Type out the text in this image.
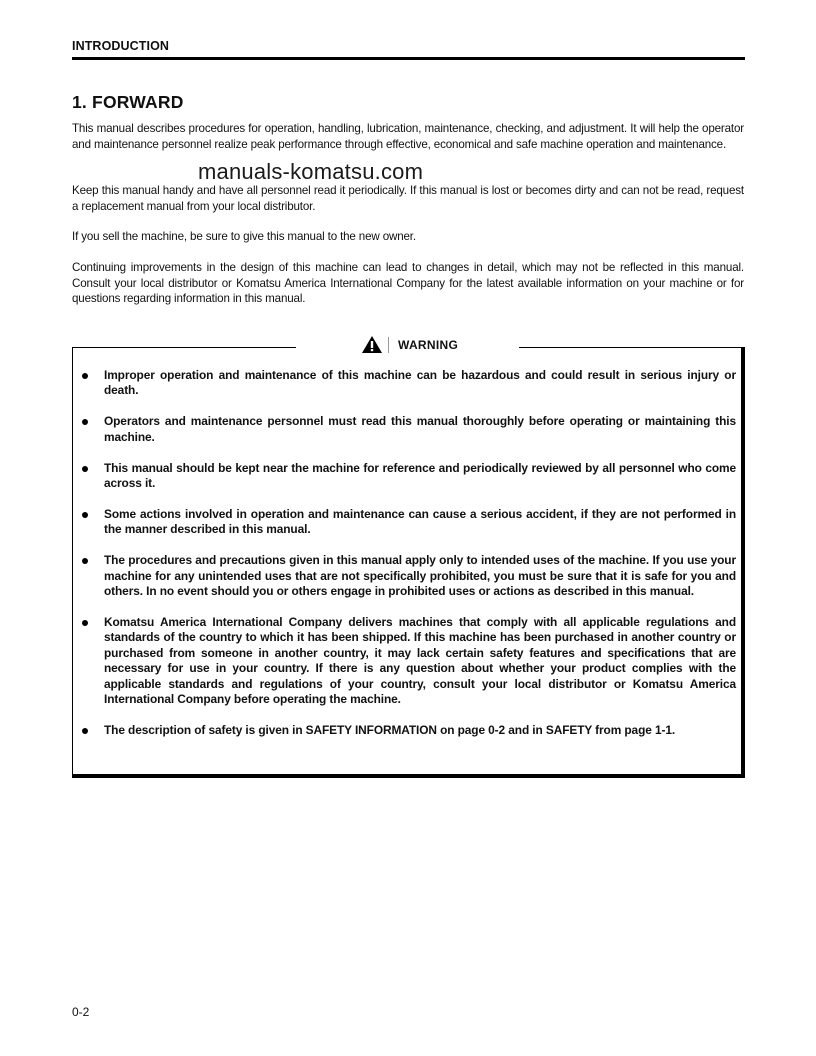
INTRODUCTION
1. FORWARD

This manual describes procedures for operation, handling, lubrication, maintenance, checking, and adjustment. It will help the operator and maintenance personnel realize peak performance through effective, economical and safe machine operation and maintenance.

Keep this manual handy and have all personnel read it periodically. If this manual is lost or becomes dirty and can not be read, request a replacement manual from your local distributor.

If you sell the machine, be sure to give this manual to the new owner.

Continuing improvements in the design of this machine can lead to changes in detail, which may not be reflected in this manual. Consult your local distributor or Komatsu America International Company for the latest available information on your machine or for questions regarding information in this manual.

manuals-komatsu.com
WARNING
Improper operation and maintenance of this machine can be hazardous and could result in serious injury or death.
Operators and maintenance personnel must read this manual thoroughly before operating or maintaining this machine.
This manual should be kept near the machine for reference and periodically reviewed by all personnel who come across it.
Some actions involved in operation and maintenance can cause a serious accident, if they are not performed in the manner described in this manual.
The procedures and precautions given in this manual apply only to intended uses of the machine. If you use your machine for any unintended uses that are not specifically prohibited, you must be sure that it is safe for you and others. In no event should you or others engage in prohibited uses or actions as described in this manual.
Komatsu America International Company delivers machines that comply with all applicable regulations and standards of the country to which it has been shipped. If this machine has been purchased in another country or purchased from someone in another country, it may lack certain safety features and specifications that are necessary for use in your country. If there is any question about whether your product complies with the applicable standards and regulations of your country, consult your local distributor or Komatsu America International Company before operating the machine.
The description of safety is given in SAFETY INFORMATION on page 0-2 and in SAFETY from page 1-1.
0-2
